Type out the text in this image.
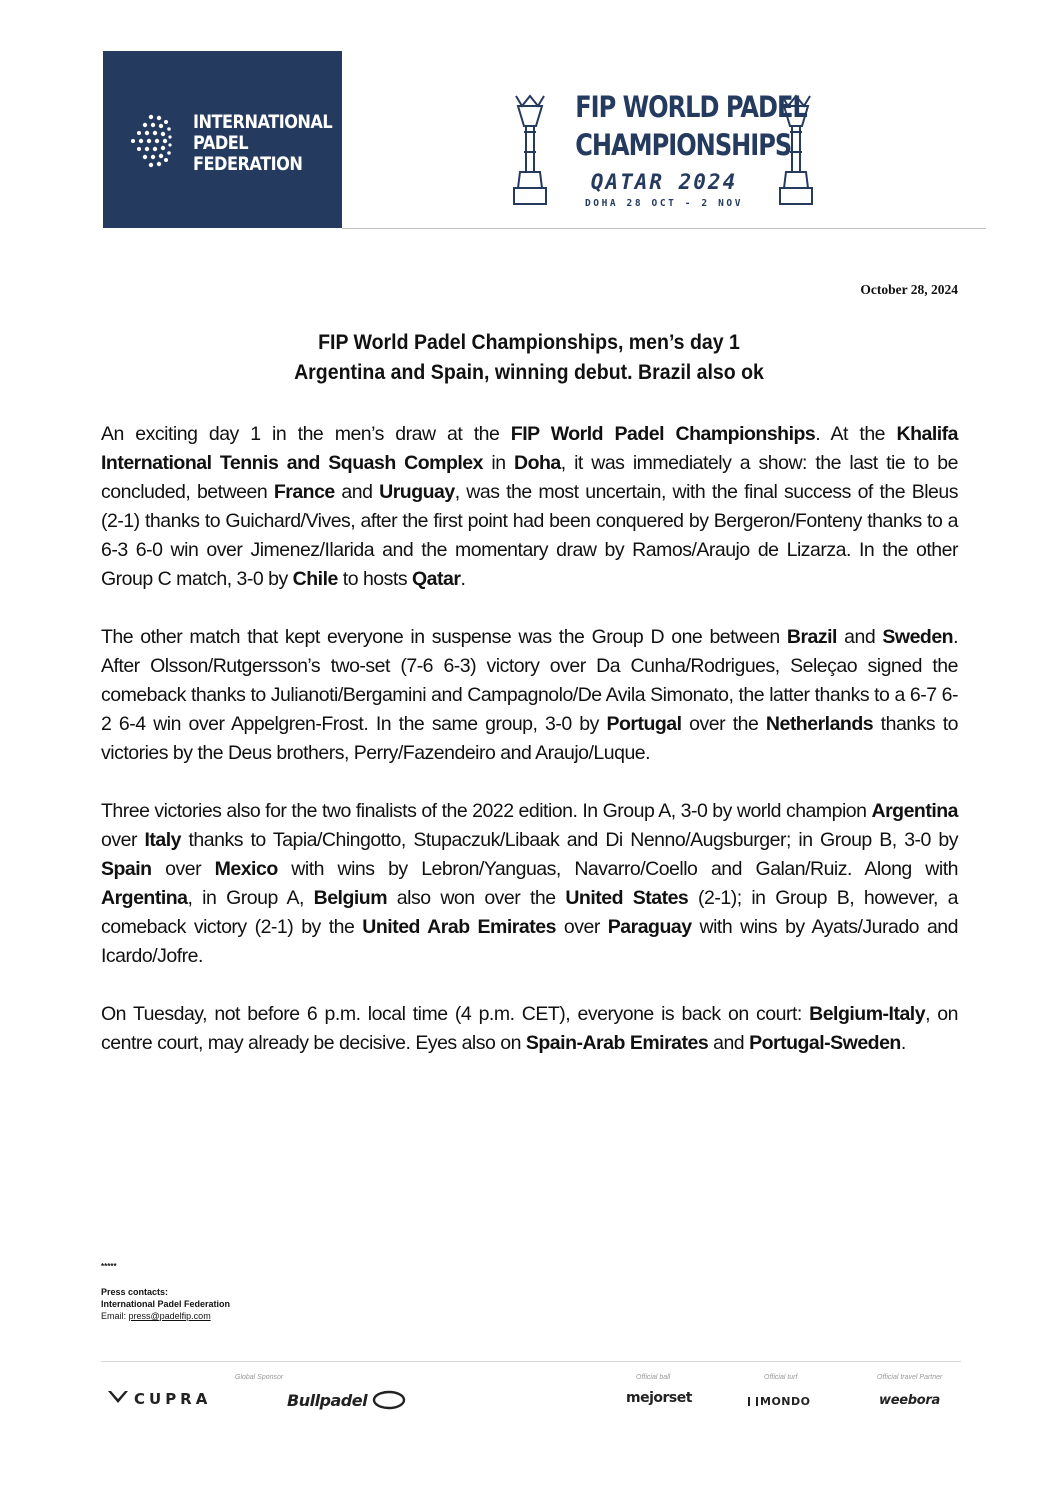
INTERNATIONAL
PADEL
FEDERATION
FIP WORLD PADEL
CHAMPIONSHIPS
QATAR 2024
DOHA 28 OCT - 2 NOV
October 28, 2024
FIP World Padel Championships, men’s day 1
Argentina and Spain, winning debut. Brazil also ok

An exciting day 1 in the men’s draw at the FIP World Padel Championships. At the Khalifa International Tennis and Squash Complex in Doha, it was immediately a show: the last tie to be concluded, between France and Uruguay, was the most uncertain, with the final success of the Bleus (2-1) thanks to Guichard/Vives, after the first point had been conquered by Bergeron/Fonteny thanks to a 6-3 6-0 win over Jimenez/Ilarida and the momentary draw by Ramos/Araujo de Lizarza. In the other Group C match, 3-0 by Chile to hosts Qatar.

The other match that kept everyone in suspense was the Group D one between Brazil and Sweden. After Olsson/Rutgersson’s two-set (7-6 6-3) victory over Da Cunha/Rodrigues, Seleçao signed the comeback thanks to Julianoti/Bergamini and Campagnolo/De Avila Simonato, the latter thanks to a 6-7 6-2 6-4 win over Appelgren-Frost. In the same group, 3-0 by Portugal over the Netherlands thanks to victories by the Deus brothers, Perry/Fazendeiro and Araujo/Luque.

Three victories also for the two finalists of the 2022 edition. In Group A, 3-0 by world champion Argentina over Italy thanks to Tapia/Chingotto, Stupaczuk/Libaak and Di Nenno/Augsburger; in Group B, 3-0 by Spain over Mexico with wins by Lebron/Yanguas, Navarro/Coello and Galan/Ruiz. Along with Argentina, in Group A, Belgium also won over the United States (2-1); in Group B, however, a comeback victory (2-1) by the United Arab Emirates over Paraguay with wins by Ayats/Jurado and Icardo/Jofre.

On Tuesday, not before 6 p.m. local time (4 p.m. CET), everyone is back on court: Belgium-Italy, on centre court, may already be decisive. Eyes also on Spain-Arab Emirates and Portugal-Sweden.

*****
Press contacts:
International Padel Federation
Email: press@padelfip.com
Global Sponsor	Official ball	Official turf	Official travel Partner
CUPRA	Bullpadel	mejorset	MONDO	weebora
